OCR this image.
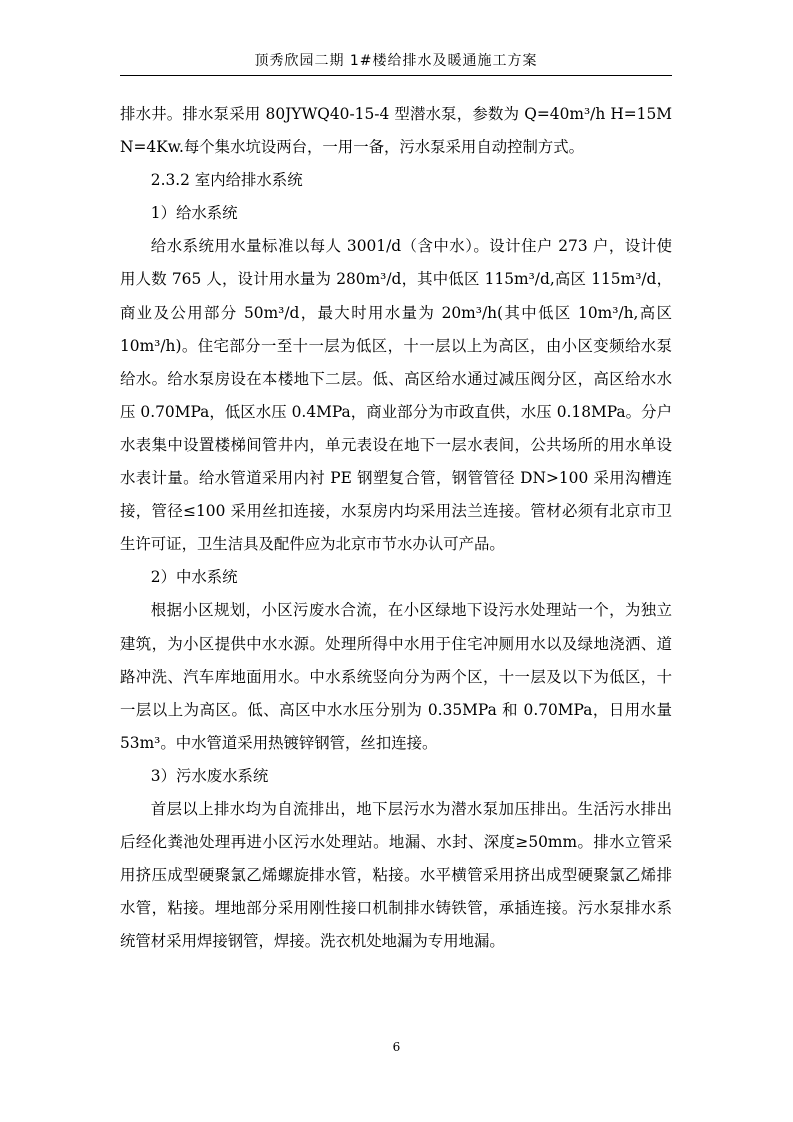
顶秀欣园二期 1#楼给排水及暖通施工方案

排水井。排水泵采用 80JYWQ40-15-4 型潜水泵，参数为 Q=40m³/h H=15M N=4Kw.每个集水坑设两台，一用一备，污水泵采用自动控制方式。

2.3.2 室内给排水系统

1）给水系统

给水系统用水量标准以每人 3001/d（含中水）。设计住户 273 户，设计使用人数 765 人，设计用水量为 280m³/d，其中低区 115m³/d,高区 115m³/d，商业及公用部分 50m³/d，最大时用水量为 20m³/h(其中低区 10m³/h,高区 10m³/h)。住宅部分一至十一层为低区，十一层以上为高区，由小区变频给水泵给水。给水泵房设在本楼地下二层。低、高区给水通过减压阀分区，高区给水水压 0.70MPa，低区水压 0.4MPa，商业部分为市政直供，水压 0.18MPa。分户水表集中设置楼梯间管井内，单元表设在地下一层水表间，公共场所的用水单设水表计量。给水管道采用内衬 PE 钢塑复合管，钢管管径 DN>100 采用沟槽连接，管径≤100 采用丝扣连接，水泵房内均采用法兰连接。管材必须有北京市卫生许可证，卫生洁具及配件应为北京市节水办认可产品。

2）中水系统

根据小区规划，小区污废水合流，在小区绿地下设污水处理站一个，为独立建筑，为小区提供中水水源。处理所得中水用于住宅冲厕用水以及绿地浇洒、道路冲洗、汽车库地面用水。中水系统竖向分为两个区，十一层及以下为低区，十一层以上为高区。低、高区中水水压分别为 0.35MPa 和 0.70MPa，日用水量 53m³。中水管道采用热镀锌钢管，丝扣连接。

3）污水废水系统

首层以上排水均为自流排出，地下层污水为潜水泵加压排出。生活污水排出后经化粪池处理再进小区污水处理站。地漏、水封、深度≥50mm。排水立管采用挤压成型硬聚氯乙烯螺旋排水管，粘接。水平横管采用挤出成型硬聚氯乙烯排水管，粘接。埋地部分采用刚性接口机制排水铸铁管，承插连接。污水泵排水系统管材采用焊接钢管，焊接。洗衣机处地漏为专用地漏。

6
